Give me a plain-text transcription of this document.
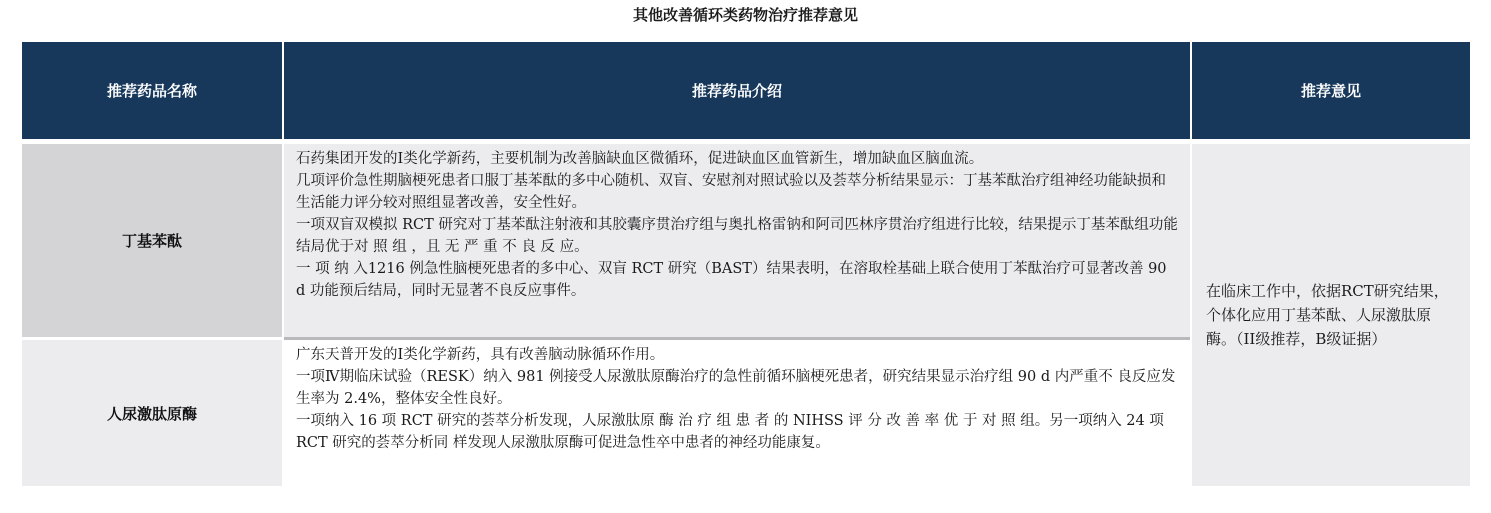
其他改善循环类药物治疗推荐意见
推荐药品名称	推荐药品介绍	推荐意见
丁基苯酞

石药集团开发的Ⅰ类化学新药，主要机制为改善脑缺血区微循环，促进缺血区血管新生，增加缺血区脑血流。

几项评价急性期脑梗死患者口服丁基苯酞的多中心随机、双盲、安慰剂对照试验以及荟萃分析结果显示：丁基苯酞治疗组神经功能缺损和生活能力评分较对照组显著改善，安全性好。

一项双盲双模拟 RCT 研究对丁基苯酞注射液和其胶囊序贯治疗组与奥扎格雷钠和阿司匹林序贯治疗组进行比较，结果提示丁基苯酞组功能结局优于对 照 组 ，且 无 严 重 不 良 反 应。

一 项 纳 入1216 例急性脑梗死患者的多中心、双盲 RCT 研究（BAST）结果表明，在溶取栓基础上联合使用丁苯酞治疗可显著改善 90 d 功能预后结局，同时无显著不良反应事件。

人尿激肽原酶

广东天普开发的Ⅰ类化学新药，具有改善脑动脉循环作用。

一项Ⅳ期临床试验（RESK）纳入 981 例接受人尿激肽原酶治疗的急性前循环脑梗死患者，研究结果显示治疗组 90 d 内严重不 良反应发生率为 2.4%，整体安全性良好。

一项纳入 16 项 RCT 研究的荟萃分析发现，人尿激肽原 酶 治 疗 组 患 者 的 NIHSS 评 分 改 善 率 优 于 对 照 组。另一项纳入 24 项 RCT 研究的荟萃分析同 样发现人尿激肽原酶可促进急性卒中患者的神经功能康复。

在临床工作中，依据RCT研究结果，个体化应用丁基苯酞、人尿激肽原酶。（II级推荐，B级证据）
